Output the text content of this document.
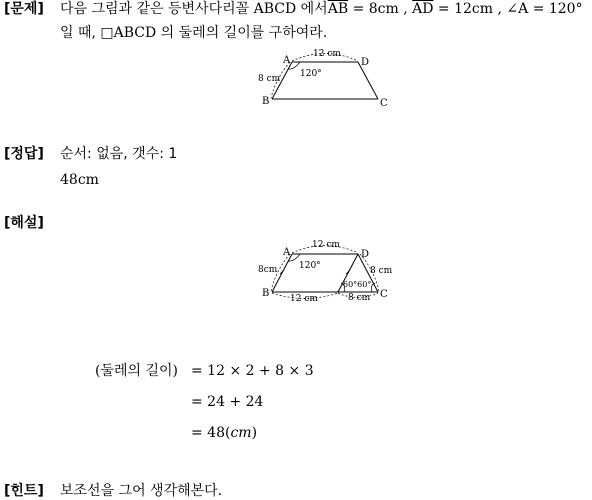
[문제] 다음 그림과 같은 등변사다리꼴 ABCD 에서$\overline{AB} = 8cm$ , $\overline{AD} = 12cm$ , ∠A = 120°
일 때, □ABCD 의 둘레의 길이를 구하여라.
A
B	C
D
12 cm
8 cm 120°
[정답] 순서: 없음, 갯수: 1
48cm
[해설]
A
B	C
D
12 cm
8cm	8 cm
12 cm	8 cm
120°
60°60°
(둘레의 길이) = 12 × 2 + 8 × 3
= 24 + 24
= 48(cm)
[힌트] 보조선을 그어 생각해본다.
